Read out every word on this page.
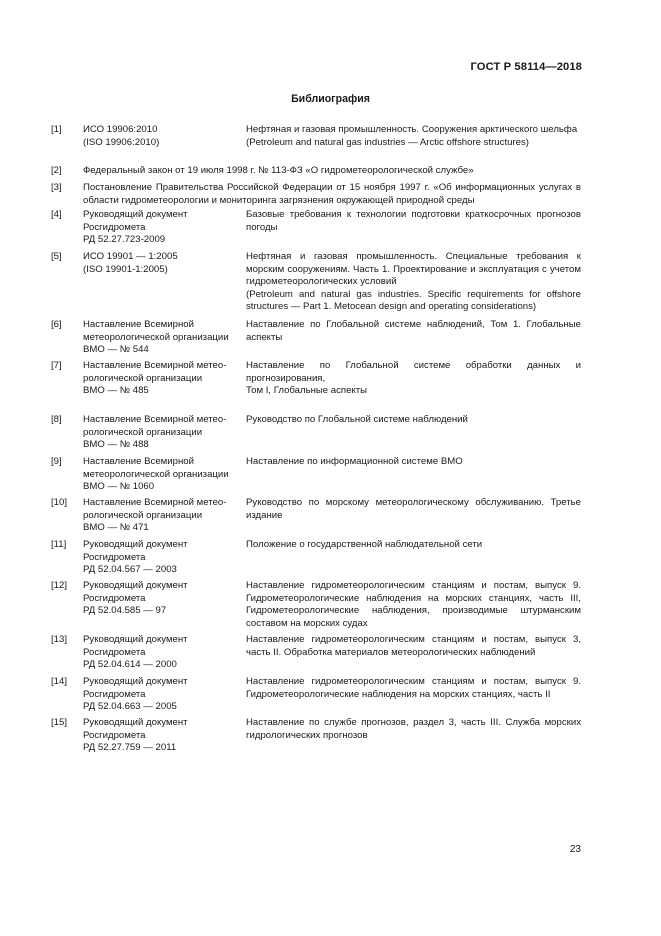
ГОСТ Р 58114—2018
Библиография
[1] ИСО 19906:2010
(ISO 19906:2010)
Нефтяная и газовая промышленность. Сооружения арктического шельфа
(Petroleum and natural gas industries — Arctic offshore structures)
[2] Федеральный закон от 19 июля 1998 г. № 113-ФЗ «О гидрометеорологической службе»
[3] Постановление Правительства Российской Федерации от 15 ноября 1997 г. «Об информационных услугах в области гидрометеорологии и мониторинга загрязнения окружающей природной среды
[4] Руководящий документ
Росгидромета
РД 52.27.723-2009
Базовые требования к технологии подготовки краткосрочных прогнозов погоды
[5] ИСО 19901 — 1:2005
(ISO 19901-1:2005)
Нефтяная и газовая промышленность. Специальные требования к морским сооружениям. Часть 1. Проектирование и эксплуатация с учетом гидрометеорологических условий
(Petroleum and natural gas industries. Specific requirements for offshore structures — Part 1. Metocean design and operating considerations)
[6] Наставление Всемирной
метеорологической организации
ВМО — № 544
Наставление по Глобальной системе наблюдений, Том 1. Глобальные аспекты
[7] Наставление Всемирной метео-
рологической организации
ВМО — № 485
Наставление по Глобальной системе обработки данных и прогнозирования,
Том I, Глобальные аспекты
[8] Наставление Всемирной метео-
рологической организации
ВМО — № 488
Руководство по Глобальной системе наблюдений
[9] Наставление Всемирной
метеорологической организации
ВМО — № 1060
Наставление по информационной системе ВМО
[10] Наставление Всемирной метео-
рологической организации
ВМО — № 471
Руководство по морскому метеорологическому обслуживанию. Третье издание
[11] Руководящий документ
Росгидромета
РД 52.04.567 — 2003
Положение о государственной наблюдательной сети
[12] Руководящий документ
Росгидромета
РД 52.04.585 — 97
Наставление гидрометеорологическим станциям и постам, выпуск 9. Гидрометеорологические наблюдения на морских станциях, часть III, Гидрометеорологические наблюдения, производимые штурманским составом на морских судах
[13] Руководящий документ
Росгидромета
РД 52.04.614 — 2000
Наставление гидрометеорологическим станциям и постам, выпуск 3, часть II. Обработка материалов метеорологических наблюдений
[14] Руководящий документ
Росгидромета
РД 52.04.663 — 2005
Наставление гидрометеорологическим станциям и постам, выпуск 9. Гидрометеорологические наблюдения на морских станциях, часть II
[15] Руководящий документ
Росгидромета
РД 52.27.759 — 2011
Наставление по службе прогнозов, раздел 3, часть III. Служба морских гидрологических прогнозов
23
